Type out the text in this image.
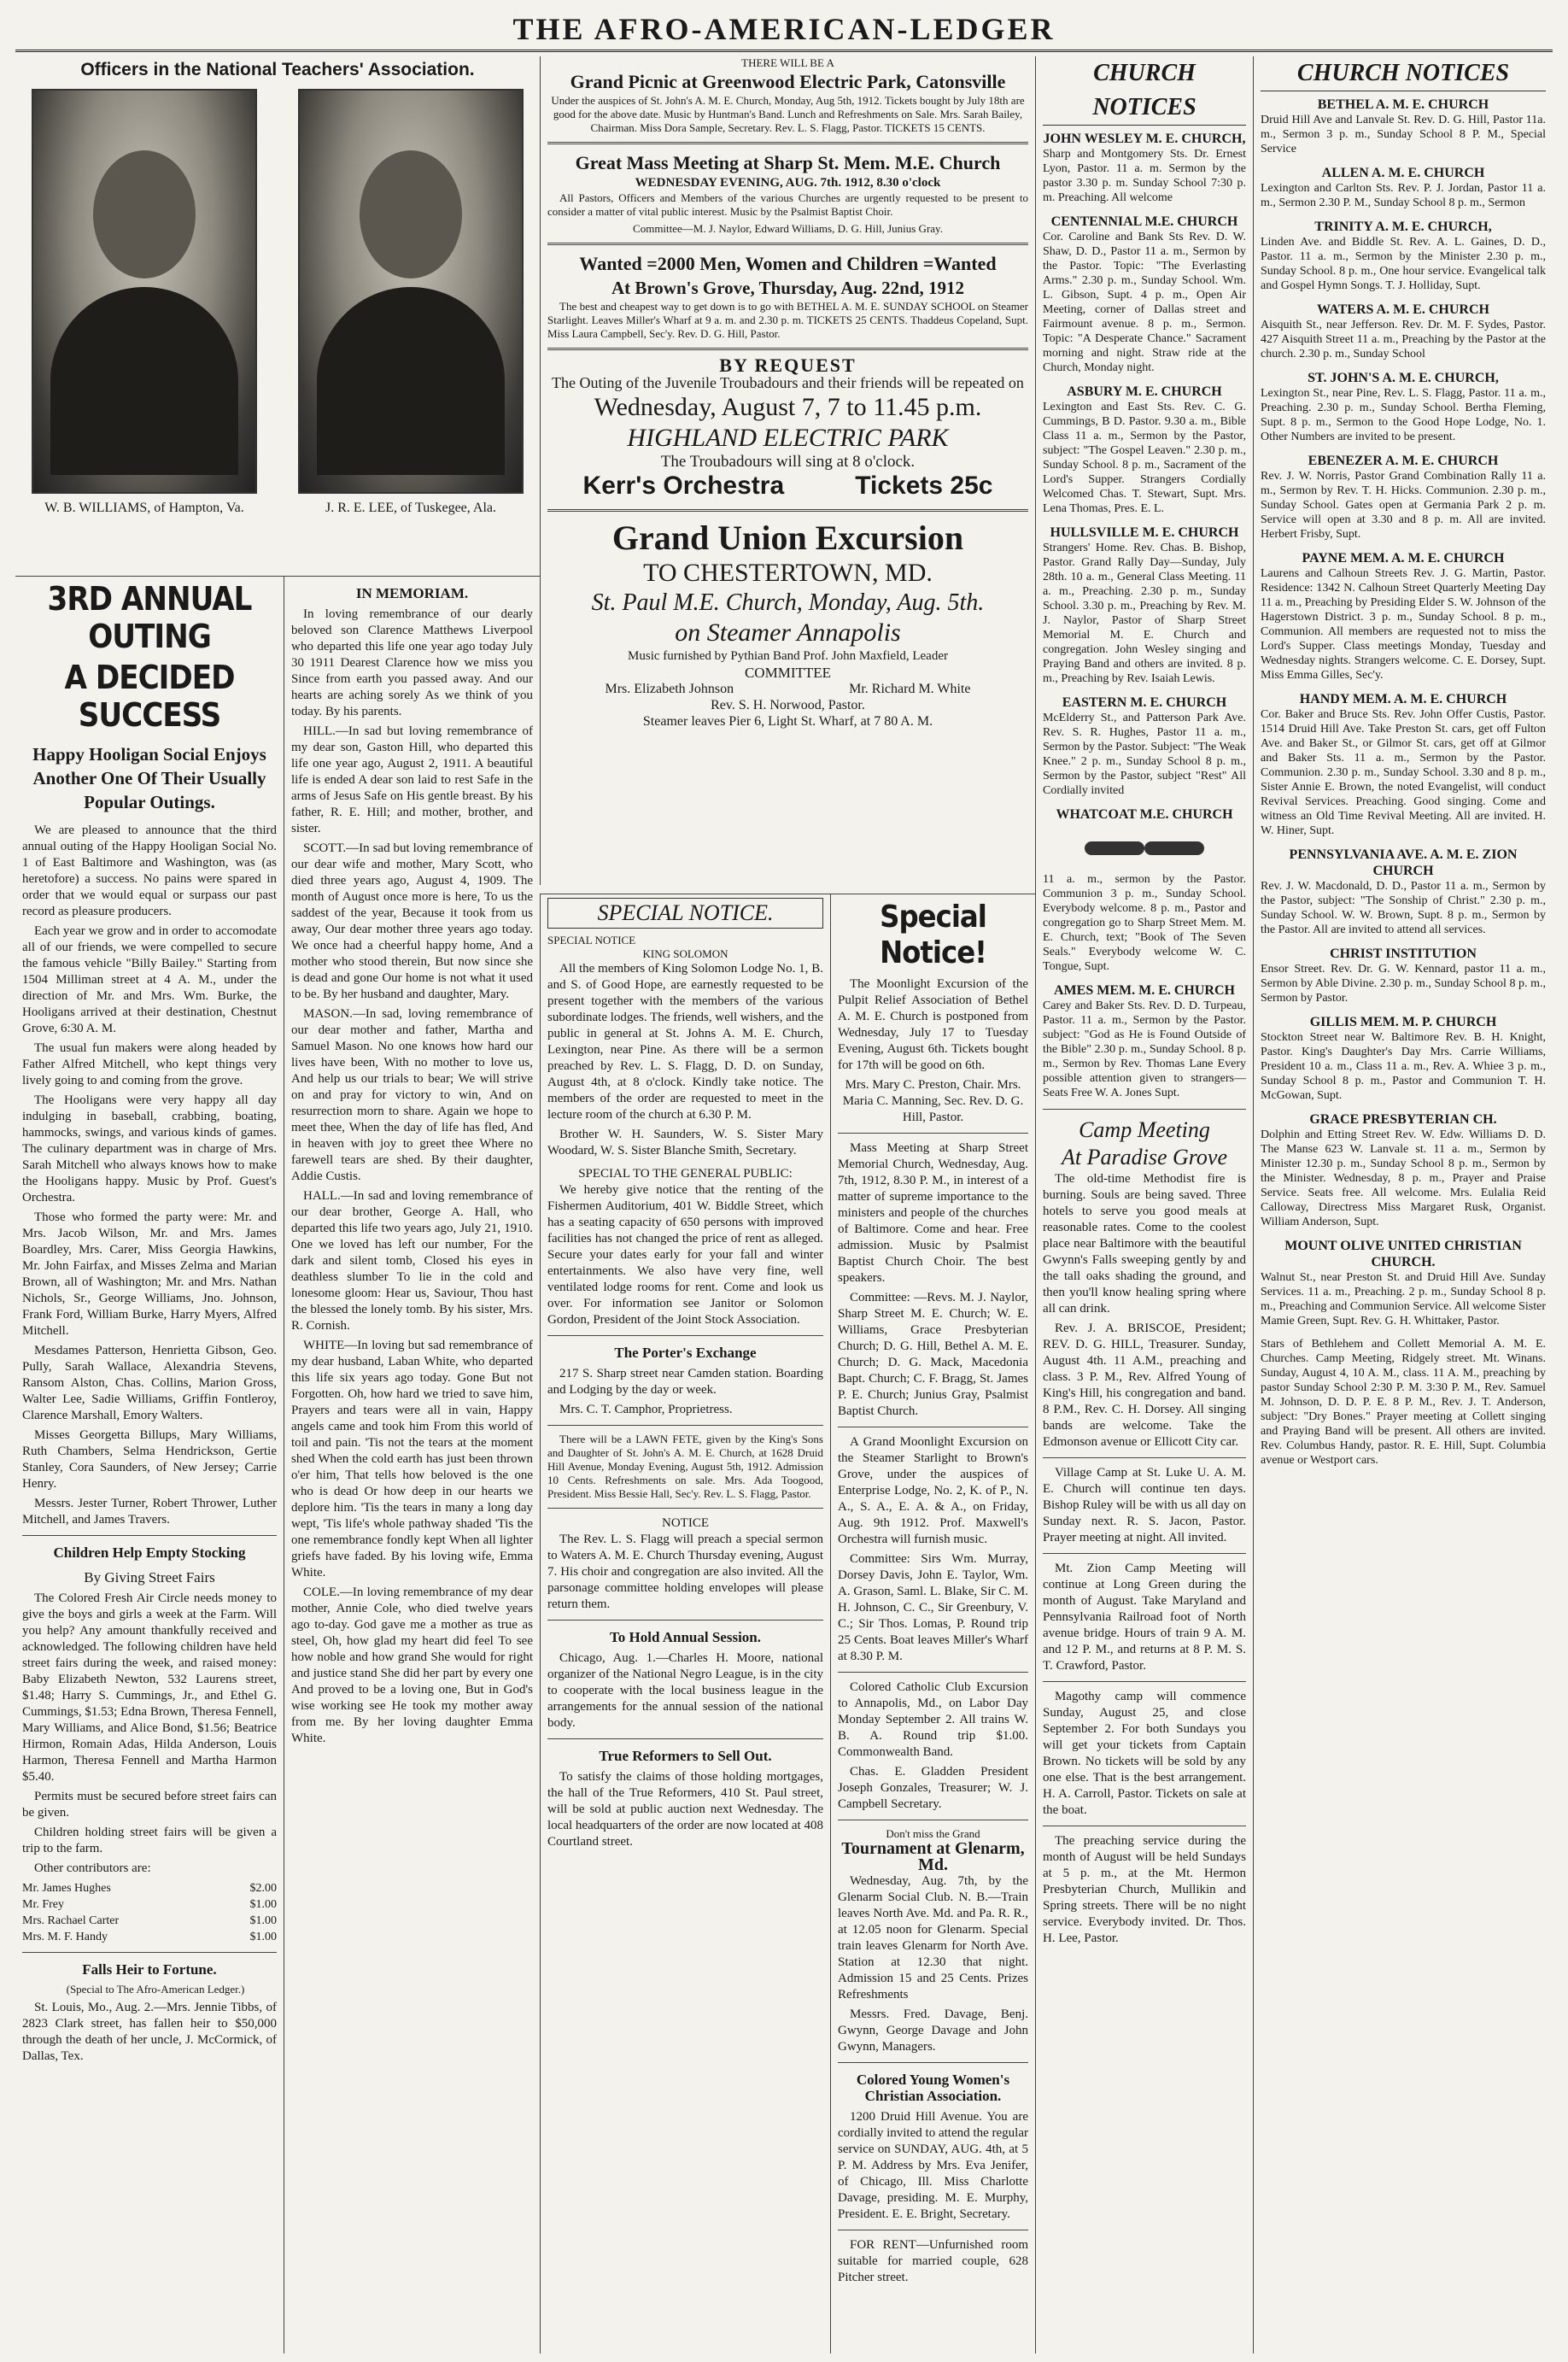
THE AFRO-AMERICAN-LEDGER
Officers in the National Teachers' Association.
W. B. WILLIAMS, of Hampton, Va.	J. R. E. LEE, of Tuskegee, Ala.
3RD ANNUAL OUTING
A DECIDED SUCCESS
Happy Hooligan Social Enjoys Another One Of Their Usually Popular Outings.

We are pleased to announce that the third annual outing of the Happy Hooligan Social No. 1 of East Baltimore and Washington, was (as heretofore) a success. No pains were spared in order that we would equal or surpass our past record as pleasure producers.

Each year we grow and in order to accomodate all of our friends, we were compelled to secure the famous vehicle "Billy Bailey." Starting from 1504 Milliman street at 4 A. M., under the direction of Mr. and Mrs. Wm. Burke, the Hooligans arrived at their destination, Chestnut Grove, 6:30 A. M.

The usual fun makers were along headed by Father Alfred Mitchell, who kept things very lively going to and coming from the grove.

The Hooligans were very happy all day indulging in baseball, crabbing, boating, hammocks, swings, and various kinds of games. The culinary department was in charge of Mrs. Sarah Mitchell who always knows how to make the Hooligans happy. Music by Prof. Guest's Orchestra.

Those who formed the party were: Mr. and Mrs. Jacob Wilson, Mr. and Mrs. James Boardley, Mrs. Carer, Miss Georgia Hawkins, Mr. John Fairfax, and Misses Zelma and Marian Brown, all of Washington; Mr. and Mrs. Nathan Nichols, Sr., George Williams, Jno. Johnson, Frank Ford, William Burke, Harry Myers, Alfred Mitchell.

Mesdames Patterson, Henrietta Gibson, Geo. Pully, Sarah Wallace, Alexandria Stevens, Ransom Alston, Chas. Collins, Marion Gross, Walter Lee, Sadie Williams, Griffin Fontleroy, Clarence Marshall, Emory Walters.

Misses Georgetta Billups, Mary Williams, Ruth Chambers, Selma Hendrickson, Gertie Stanley, Cora Saunders, of New Jersey; Carrie Henry.

Messrs. Jester Turner, Robert Thrower, Luther Mitchell, and James Travers.

Children Help Empty Stocking
By Giving Street Fairs

The Colored Fresh Air Circle needs money to give the boys and girls a week at the Farm. Will you help? Any amount thankfully received and acknowledged. The following children have held street fairs during the week, and raised money: Baby Elizabeth Newton, 532 Laurens street, $1.48; Harry S. Cummings, Jr., and Ethel G. Cummings, $1.53; Edna Brown, Theresa Fennell, Mary Williams, and Alice Bond, $1.56; Beatrice Hirmon, Romain Adas, Hilda Anderson, Louis Harmon, Theresa Fennell and Martha Harmon $5.40.

Permits must be secured before street fairs can be given.

Children holding street fairs will be given a trip to the farm.

Other contributors are:

Mr. James Hughes	$2.00
Mr. Frey	$1.00
Mrs. Rachael Carter	$1.00
Mrs. M. F. Handy	$1.00
Falls Heir to Fortune.

(Special to The Afro-American Ledger.)

St. Louis, Mo., Aug. 2.—Mrs. Jennie Tibbs, of 2823 Clark street, has fallen heir to $50,000 through the death of her uncle, J. McCormick, of Dallas, Tex.

IN MEMORIAM.

In loving remembrance of our dearly beloved son Clarence Matthews Liverpool who departed this life one year ago today July 30 1911 Dearest Clarence how we miss you Since from earth you passed away. And our hearts are aching sorely As we think of you today. By his parents.

HILL.—In sad but loving remembrance of my dear son, Gaston Hill, who departed this life one year ago, August 2, 1911. A beautiful life is ended A dear son laid to rest Safe in the arms of Jesus Safe on His gentle breast. By his father, R. E. Hill; and mother, brother, and sister.

SCOTT.—In sad but loving remembrance of our dear wife and mother, Mary Scott, who died three years ago, August 4, 1909. The month of August once more is here, To us the saddest of the year, Because it took from us away, Our dear mother three years ago today. We once had a cheerful happy home, And a mother who stood therein, But now since she is dead and gone Our home is not what it used to be. By her husband and daughter, Mary.

MASON.—In sad, loving remembrance of our dear mother and father, Martha and Samuel Mason. No one knows how hard our lives have been, With no mother to love us, And help us our trials to bear; We will strive on and pray for victory to win, And on resurrection morn to share. Again we hope to meet thee, When the day of life has fled, And in heaven with joy to greet thee Where no farewell tears are shed. By their daughter, Addie Custis.

HALL.—In sad and loving remembrance of our dear brother, George A. Hall, who departed this life two years ago, July 21, 1910. One we loved has left our number, For the dark and silent tomb, Closed his eyes in deathless slumber To lie in the cold and lonesome gloom: Hear us, Saviour, Thou hast the blessed the lonely tomb. By his sister, Mrs. R. Cornish.

WHITE—In loving but sad remembrance of my dear husband, Laban White, who departed this life six years ago today. Gone But not Forgotten. Oh, how hard we tried to save him, Prayers and tears were all in vain, Happy angels came and took him From this world of toil and pain. 'Tis not the tears at the moment shed When the cold earth has just been thrown o'er him, That tells how beloved is the one who is dead Or how deep in our hearts we deplore him. 'Tis the tears in many a long day wept, 'Tis life's whole pathway shaded 'Tis the one remembrance fondly kept When all lighter griefs have faded. By his loving wife, Emma White.

COLE.—In loving remembrance of my dear mother, Annie Cole, who died twelve years ago to-day. God gave me a mother as true as steel, Oh, how glad my heart did feel To see how noble and how grand She would for right and justice stand She did her part by every one And proved to be a loving one, But in God's wise working see He took my mother away from me. By her loving daughter Emma White.

THERE WILL BE A
Grand Picnic at Greenwood Electric Park, Catonsville

Under the auspices of St. John's A. M. E. Church, Monday, Aug 5th, 1912. Tickets bought by July 18th are good for the above date. Music by Huntman's Band. Lunch and Refreshments on Sale. Mrs. Sarah Bailey, Chairman. Miss Dora Sample, Secretary. Rev. L. S. Flagg, Pastor. TICKETS 15 CENTS.

Great Mass Meeting at Sharp St. Mem. M.E. Church
WEDNESDAY EVENING, AUG. 7th. 1912, 8.30 o'clock

All Pastors, Officers and Members of the various Churches are urgently requested to be present to consider a matter of vital public interest. Music by the Psalmist Baptist Choir.

Committee—M. J. Naylor, Edward Williams, D. G. Hill, Junius Gray.

Wanted =2000 Men, Women and Children =Wanted
At Brown's Grove, Thursday, Aug. 22nd, 1912

The best and cheapest way to get down is to go with BETHEL A. M. E. SUNDAY SCHOOL on Steamer Starlight. Leaves Miller's Wharf at 9 a. m. and 2.30 p. m. TICKETS 25 CENTS. Thaddeus Copeland, Supt. Miss Laura Campbell, Sec'y. Rev. D. G. Hill, Pastor.

BY REQUEST
The Outing of the Juvenile Troubadours and their friends will be repeated on
Wednesday, August 7, 7 to 11.45 p.m.
HIGHLAND ELECTRIC PARK
The Troubadours will sing at 8 o'clock.
Kerr's Orchestra	Tickets 25c
Grand Union Excursion
TO CHESTERTOWN, MD.
St. Paul M.E. Church, Monday, Aug. 5th.
on Steamer Annapolis
Music furnished by Pythian Band Prof. John Maxfield, Leader
COMMITTEE
Mrs. Elizabeth Johnson	Mr. Richard M. White
Rev. S. H. Norwood, Pastor.
Steamer leaves Pier 6, Light St. Wharf, at 7 80 A. M.
SPECIAL NOTICE.
SPECIAL NOTICE
KING SOLOMON

All the members of King Solomon Lodge No. 1, B. and S. of Good Hope, are earnestly requested to be present together with the members of the various subordinate lodges. The friends, well wishers, and the public in general at St. Johns A. M. E. Church, Lexington, near Pine. As there will be a sermon preached by Rev. L. S. Flagg, D. D. on Sunday, August 4th, at 8 o'clock. Kindly take notice. The members of the order are requested to meet in the lecture room of the church at 6.30 P. M.

Brother W. H. Saunders, W. S. Sister Mary Woodard, W. S. Sister Blanche Smith, Secretary.

SPECIAL TO THE GENERAL PUBLIC:

We hereby give notice that the renting of the Fishermen Auditorium, 401 W. Biddle Street, which has a seating capacity of 650 persons with improved facilities has not changed the price of rent as alleged. Secure your dates early for your fall and winter entertainments. We also have very fine, well ventilated lodge rooms for rent. Come and look us over. For information see Janitor or Solomon Gordon, President of the Joint Stock Association.

The Porter's Exchange

217 S. Sharp street near Camden station. Boarding and Lodging by the day or week.

Mrs. C. T. Camphor, Proprietress.

There will be a LAWN FETE, given by the King's Sons and Daughter of St. John's A. M. E. Church, at 1628 Druid Hill Avenue, Monday Evening, August 5th, 1912. Admission 10 Cents. Refreshments on sale. Mrs. Ada Toogood, President. Miss Bessie Hall, Sec'y. Rev. L. S. Flagg, Pastor.

NOTICE

The Rev. L. S. Flagg will preach a special sermon to Waters A. M. E. Church Thursday evening, August 7. His choir and congregation are also invited. All the parsonage committee holding envelopes will please return them.

To Hold Annual Session.

Chicago, Aug. 1.—Charles H. Moore, national organizer of the National Negro League, is in the city to cooperate with the local business league in the arrangements for the annual session of the national body.

True Reformers to Sell Out.

To satisfy the claims of those holding mortgages, the hall of the True Reformers, 410 St. Paul street, will be sold at public auction next Wednesday. The local headquarters of the order are now located at 408 Courtland street.

Special Notice!

The Moonlight Excursion of the Pulpit Relief Association of Bethel A. M. E. Church is postponed from Wednesday, July 17 to Tuesday Evening, August 6th. Tickets bought for 17th will be good on 6th.

Mrs. Mary C. Preston, Chair. Mrs. Maria C. Manning, Sec. Rev. D. G. Hill, Pastor.

Mass Meeting at Sharp Street Memorial Church, Wednesday, Aug. 7th, 1912, 8.30 P. M., in interest of a matter of supreme importance to the ministers and people of the churches of Baltimore. Come and hear. Free admission. Music by Psalmist Baptist Church Choir. The best speakers.

Committee: —Revs. M. J. Naylor, Sharp Street M. E. Church; W. E. Williams, Grace Presbyterian Church; D. G. Hill, Bethel A. M. E. Church; D. G. Mack, Macedonia Bapt. Church; C. F. Bragg, St. James P. E. Church; Junius Gray, Psalmist Baptist Church.

A Grand Moonlight Excursion on the Steamer Starlight to Brown's Grove, under the auspices of Enterprise Lodge, No. 2, K. of P., N. A., S. A., E. A. & A., on Friday, Aug. 9th 1912. Prof. Maxwell's Orchestra will furnish music.

Committee: Sirs Wm. Murray, Dorsey Davis, John E. Taylor, Wm. A. Grason, Saml. L. Blake, Sir C. M. H. Johnson, C. C., Sir Greenbury, V. C.; Sir Thos. Lomas, P. Round trip 25 Cents. Boat leaves Miller's Wharf at 8.30 P. M.

Colored Catholic Club Excursion to Annapolis, Md., on Labor Day Monday September 2. All trains W. B. A. Round trip $1.00. Commonwealth Band.

Chas. E. Gladden President Joseph Gonzales, Treasurer; W. J. Campbell Secretary.

Don't miss the Grand
Tournament at Glenarm, Md.

Wednesday, Aug. 7th, by the Glenarm Social Club. N. B.—Train leaves North Ave. Md. and Pa. R. R., at 12.05 noon for Glenarm. Special train leaves Glenarm for North Ave. Station at 12.30 that night. Admission 15 and 25 Cents. Prizes Refreshments

Messrs. Fred. Davage, Benj. Gwynn, George Davage and John Gwynn, Managers.

Colored Young Women's Christian Association.

1200 Druid Hill Avenue. You are cordially invited to attend the regular service on SUNDAY, AUG. 4th, at 5 P. M. Address by Mrs. Eva Jenifer, of Chicago, Ill. Miss Charlotte Davage, presiding. M. E. Murphy, President. E. E. Bright, Secretary.

FOR RENT—Unfurnished room suitable for married couple, 628 Pitcher street.

CHURCH NOTICES
JOHN WESLEY M. E. CHURCH,

Sharp and Montgomery Sts. Dr. Ernest Lyon, Pastor. 11 a. m. Sermon by the pastor 3.30 p. m. Sunday School 7:30 p. m. Preaching. All welcome

CENTENNIAL M.E. CHURCH

Cor. Caroline and Bank Sts Rev. D. W. Shaw, D. D., Pastor 11 a. m., Sermon by the Pastor. Topic: "The Everlasting Arms." 2.30 p. m., Sunday School. Wm. L. Gibson, Supt. 4 p. m., Open Air Meeting, corner of Dallas street and Fairmount avenue. 8 p. m., Sermon. Topic: "A Desperate Chance." Sacrament morning and night. Straw ride at the Church, Monday night.

ASBURY M. E. CHURCH

Lexington and East Sts. Rev. C. G. Cummings, B D. Pastor. 9.30 a. m., Bible Class 11 a. m., Sermon by the Pastor, subject: "The Gospel Leaven." 2.30 p. m., Sunday School. 8 p. m., Sacrament of the Lord's Supper. Strangers Cordially Welcomed Chas. T. Stewart, Supt. Mrs. Lena Thomas, Pres. E. L.

HULLSVILLE M. E. CHURCH

Strangers' Home. Rev. Chas. B. Bishop, Pastor. Grand Rally Day—Sunday, July 28th. 10 a. m., General Class Meeting. 11 a. m., Preaching. 2.30 p. m., Sunday School. 3.30 p. m., Preaching by Rev. M. J. Naylor, Pastor of Sharp Street Memorial M. E. Church and congregation. John Wesley singing and Praying Band and others are invited. 8 p. m., Preaching by Rev. Isaiah Lewis.

EASTERN M. E. CHURCH

McElderry St., and Patterson Park Ave. Rev. S. R. Hughes, Pastor 11 a. m., Sermon by the Pastor. Subject: "The Weak Knee." 2 p. m., Sunday School 8 p. m., Sermon by the Pastor, subject "Rest" All Cordially invited

WHATCOAT M.E. CHURCH

11 a. m., sermon by the Pastor. Communion 3 p. m., Sunday School. Everybody welcome. 8 p. m., Pastor and congregation go to Sharp Street Mem. M. E. Church, text; "Book of The Seven Seals." Everybody welcome W. C. Tongue, Supt.

AMES MEM. M. E. CHURCH

Carey and Baker Sts. Rev. D. D. Turpeau, Pastor. 11 a. m., Sermon by the Pastor. subject: "God as He is Found Outside of the Bible" 2.30 p. m., Sunday School. 8 p. m., Sermon by Rev. Thomas Lane Every possible attention given to strangers—Seats Free W. A. Jones Supt.

Camp Meeting
At Paradise Grove

The old-time Methodist fire is burning. Souls are being saved. Three hotels to serve you good meals at reasonable rates. Come to the coolest place near Baltimore with the beautiful Gwynn's Falls sweeping gently by and the tall oaks shading the ground, and then you'll know healing spring where all can drink.

Rev. J. A. BRISCOE, President; REV. D. G. HILL, Treasurer. Sunday, August 4th. 11 A.M., preaching and class. 3 P. M., Rev. Alfred Young of King's Hill, his congregation and band. 8 P.M., Rev. C. H. Dorsey. All singing bands are welcome. Take the Edmonson avenue or Ellicott City car.

Village Camp at St. Luke U. A. M. E. Church will continue ten days. Bishop Ruley will be with us all day on Sunday next. R. S. Jacon, Pastor. Prayer meeting at night. All invited.

Mt. Zion Camp Meeting will continue at Long Green during the month of August. Take Maryland and Pennsylvania Railroad foot of North avenue bridge. Hours of train 9 A. M. and 12 P. M., and returns at 8 P. M. S. T. Crawford, Pastor.

Magothy camp will commence Sunday, August 25, and close September 2. For both Sundays you will get your tickets from Captain Brown. No tickets will be sold by any one else. That is the best arrangement. H. A. Carroll, Pastor. Tickets on sale at the boat.

The preaching service during the month of August will be held Sundays at 5 p. m., at the Mt. Hermon Presbyterian Church, Mullikin and Spring streets. There will be no night service. Everybody invited. Dr. Thos. H. Lee, Pastor.

CHURCH NOTICES
BETHEL A. M. E. CHURCH

Druid Hill Ave and Lanvale St. Rev. D. G. Hill, Pastor 11a. m., Sermon 3 p. m., Sunday School 8 P. M., Special Service

ALLEN A. M. E. CHURCH

Lexington and Carlton Sts. Rev. P. J. Jordan, Pastor 11 a. m., Sermon 2.30 P. M., Sunday School 8 p. m., Sermon

TRINITY A. M. E. CHURCH,

Linden Ave. and Biddle St. Rev. A. L. Gaines, D. D., Pastor. 11 a. m., Sermon by the Minister 2.30 p. m., Sunday School. 8 p. m., One hour service. Evangelical talk and Gospel Hymn Songs. T. J. Holliday, Supt.

WATERS A. M. E. CHURCH

Aisquith St., near Jefferson. Rev. Dr. M. F. Sydes, Pastor. 427 Aisquith Street 11 a. m., Preaching by the Pastor at the church. 2.30 p. m., Sunday School

ST. JOHN'S A. M. E. CHURCH,

Lexington St., near Pine, Rev. L. S. Flagg, Pastor. 11 a. m., Preaching. 2.30 p. m., Sunday School. Bertha Fleming, Supt. 8 p. m., Sermon to the Good Hope Lodge, No. 1. Other Numbers are invited to be present.

EBENEZER A. M. E. CHURCH

Rev. J. W. Norris, Pastor Grand Combination Rally 11 a. m., Sermon by Rev. T. H. Hicks. Communion. 2.30 p. m., Sunday School. Gates open at Germania Park 2 p. m. Service will open at 3.30 and 8 p. m. All are invited. Herbert Frisby, Supt.

PAYNE MEM. A. M. E. CHURCH

Laurens and Calhoun Streets Rev. J. G. Martin, Pastor. Residence: 1342 N. Calhoun Street Quarterly Meeting Day 11 a. m., Preaching by Presiding Elder S. W. Johnson of the Hagerstown District. 3 p. m., Sunday School. 8 p. m., Communion. All members are requested not to miss the Lord's Supper. Class meetings Monday, Tuesday and Wednesday nights. Strangers welcome. C. E. Dorsey, Supt. Miss Emma Gilles, Sec'y.

HANDY MEM. A. M. E. CHURCH

Cor. Baker and Bruce Sts. Rev. John Offer Custis, Pastor. 1514 Druid Hill Ave. Take Preston St. cars, get off Fulton Ave. and Baker St., or Gilmor St. cars, get off at Gilmor and Baker Sts. 11 a. m., Sermon by the Pastor. Communion. 2.30 p. m., Sunday School. 3.30 and 8 p. m., Sister Annie E. Brown, the noted Evangelist, will conduct Revival Services. Preaching. Good singing. Come and witness an Old Time Revival Meeting. All are invited. H. W. Hiner, Supt.

PENNSYLVANIA AVE. A. M. E. ZION CHURCH

Rev. J. W. Macdonald, D. D., Pastor 11 a. m., Sermon by the Pastor, subject: "The Sonship of Christ." 2.30 p. m., Sunday School. W. W. Brown, Supt. 8 p. m., Sermon by the Pastor. All are invited to attend all services.

CHRIST INSTITUTION

Ensor Street. Rev. Dr. G. W. Kennard, pastor 11 a. m., Sermon by Able Divine. 2.30 p. m., Sunday School 8 p. m., Sermon by Pastor.

GILLIS MEM. M. P. CHURCH

Stockton Street near W. Baltimore Rev. B. H. Knight, Pastor. King's Daughter's Day Mrs. Carrie Williams, President 10 a. m., Class 11 a. m., Rev. A. Whiee 3 p. m., Sunday School 8 p. m., Pastor and Communion T. H. McGowan, Supt.

GRACE PRESBYTERIAN CH.

Dolphin and Etting Street Rev. W. Edw. Williams D. D. The Manse 623 W. Lanvale st. 11 a. m., Sermon by Minister 12.30 p. m., Sunday School 8 p. m., Sermon by the Minister. Wednesday, 8 p. m., Prayer and Praise Service. Seats free. All welcome. Mrs. Eulalia Reid Calloway, Directress Miss Margaret Rusk, Organist. William Anderson, Supt.

MOUNT OLIVE UNITED CHRISTIAN CHURCH.

Walnut St., near Preston St. and Druid Hill Ave. Sunday Services. 11 a. m., Preaching. 2 p. m., Sunday School 8 p. m., Preaching and Communion Service. All welcome Sister Mamie Green, Supt. Rev. G. H. Whittaker, Pastor.

Stars of Bethlehem and Collett Memorial A. M. E. Churches. Camp Meeting, Ridgely street. Mt. Winans. Sunday, August 4, 10 A. M., class. 11 A. M., preaching by pastor Sunday School 2:30 P. M. 3:30 P. M., Rev. Samuel M. Johnson, D. D. P. E. 8 P. M., Rev. J. T. Anderson, subject: "Dry Bones." Prayer meeting at Collett singing and Praying Band will be present. All others are invited. Rev. Columbus Handy, pastor. R. E. Hill, Supt. Columbia avenue or Westport cars.
